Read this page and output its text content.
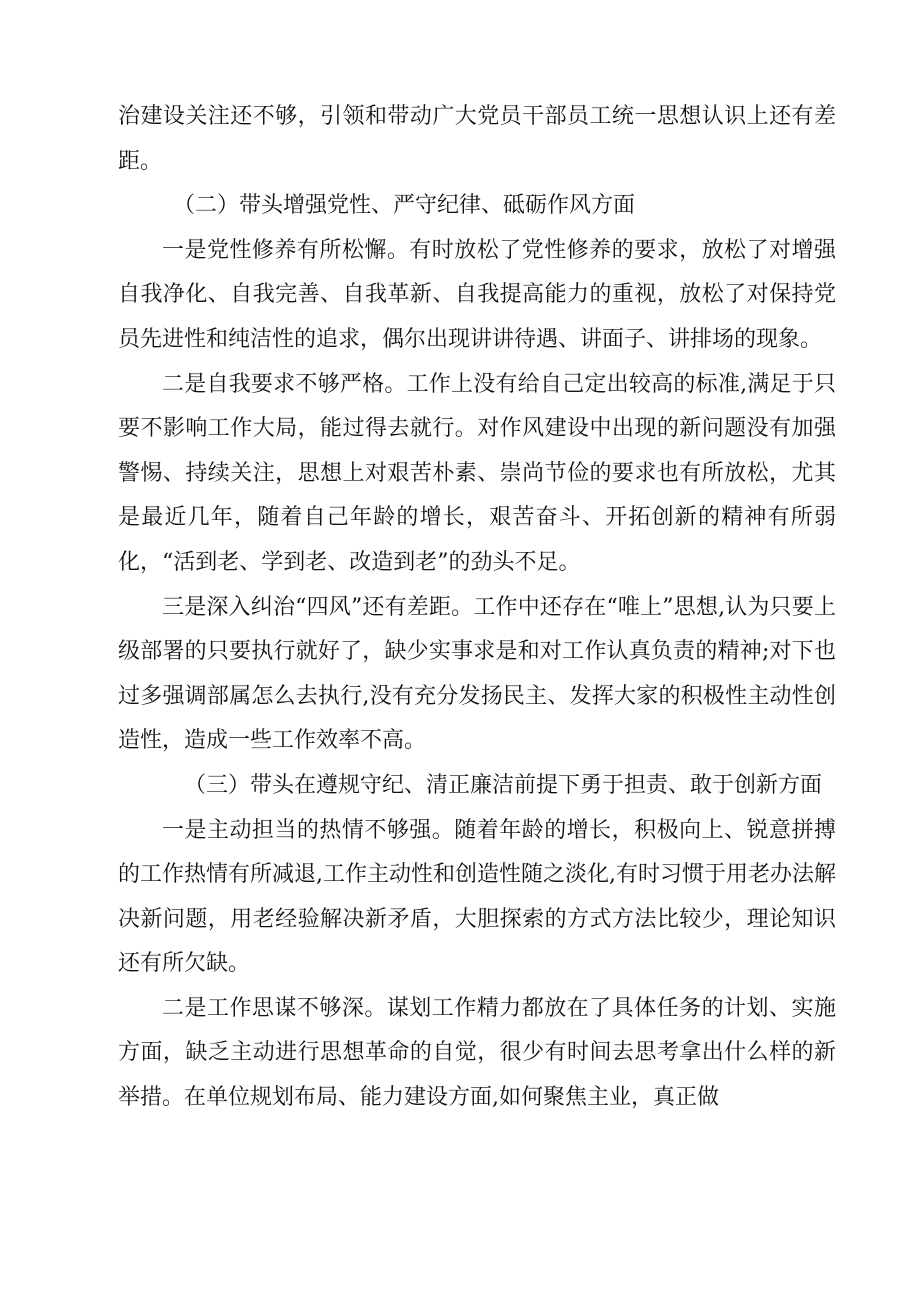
治建设关注还不够，引领和带动广大党员干部员工统一思想认识上还有差距。

（二）带头增强党性、严守纪律、砥砺作风方面

一是党性修养有所松懈。有时放松了党性修养的要求，放松了对增强自我净化、自我完善、自我革新、自我提高能力的重视，放松了对保持党员先进性和纯洁性的追求，偶尔出现讲讲待遇、讲面子、讲排场的现象。

二是自我要求不够严格。工作上没有给自己定出较高的标准,满足于只要不影响工作大局，能过得去就行。对作风建设中出现的新问题没有加强警惕、持续关注，思想上对艰苦朴素、崇尚节俭的要求也有所放松，尤其是最近几年，随着自己年龄的增长，艰苦奋斗、开拓创新的精神有所弱化，“活到老、学到老、改造到老”的劲头不足。

三是深入纠治“四风”还有差距。工作中还存在“唯上”思想,认为只要上级部署的只要执行就好了，缺少实事求是和对工作认真负责的精神;对下也过多强调部属怎么去执行,没有充分发扬民主、发挥大家的积极性主动性创造性，造成一些工作效率不高。

（三）带头在遵规守纪、清正廉洁前提下勇于担责、敢于创新方面

一是主动担当的热情不够强。随着年龄的增长，积极向上、锐意拼搏的工作热情有所减退,工作主动性和创造性随之淡化,有时习惯于用老办法解决新问题，用老经验解决新矛盾，大胆探索的方式方法比较少，理论知识还有所欠缺。

二是工作思谋不够深。谋划工作精力都放在了具体任务的计划、实施方面，缺乏主动进行思想革命的自觉，很少有时间去思考拿出什么样的新举措。在单位规划布局、能力建设方面,如何聚焦主业，真正做
